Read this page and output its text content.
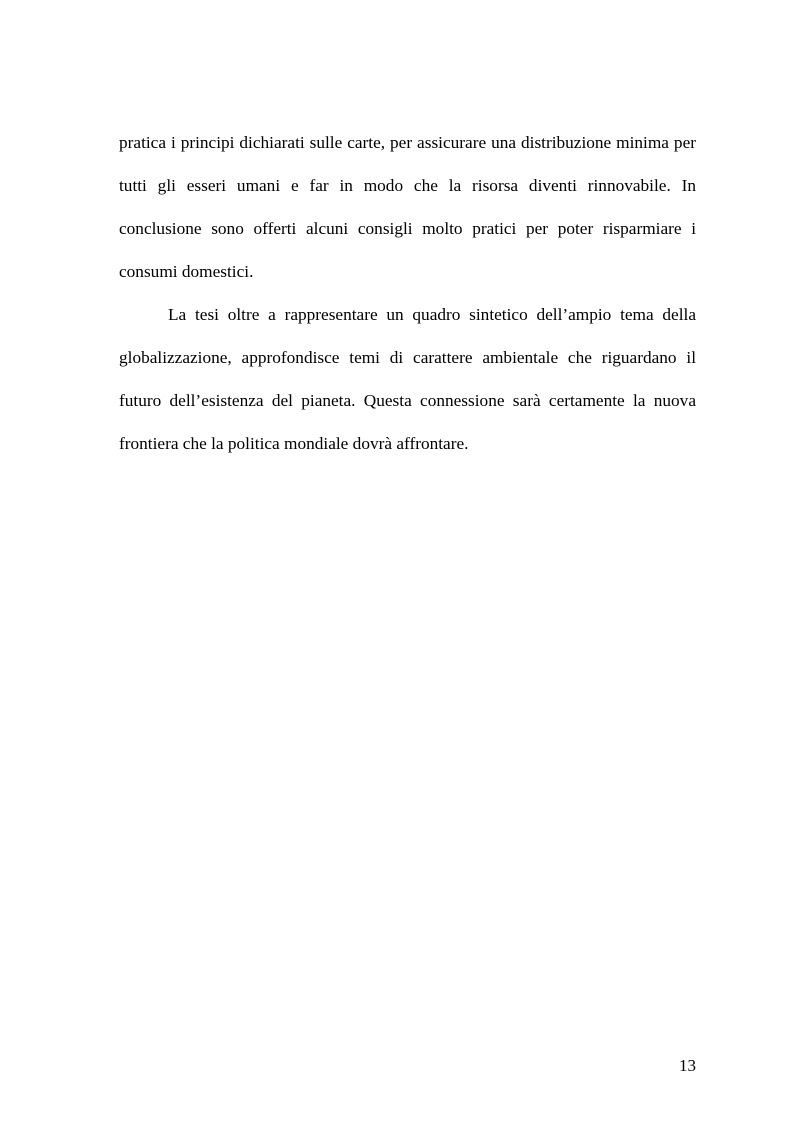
pratica i principi dichiarati sulle carte, per assicurare una distribuzione minima per tutti gli esseri umani e far in modo che la risorsa diventi rinnovabile. In conclusione sono offerti alcuni consigli molto pratici per poter risparmiare i consumi domestici.

La tesi oltre a rappresentare un quadro sintetico dell’ampio tema della globalizzazione, approfondisce temi di carattere ambientale che riguardano il futuro dell’esistenza del pianeta. Questa connessione sarà certamente la nuova frontiera che la politica mondiale dovrà affrontare.

13
